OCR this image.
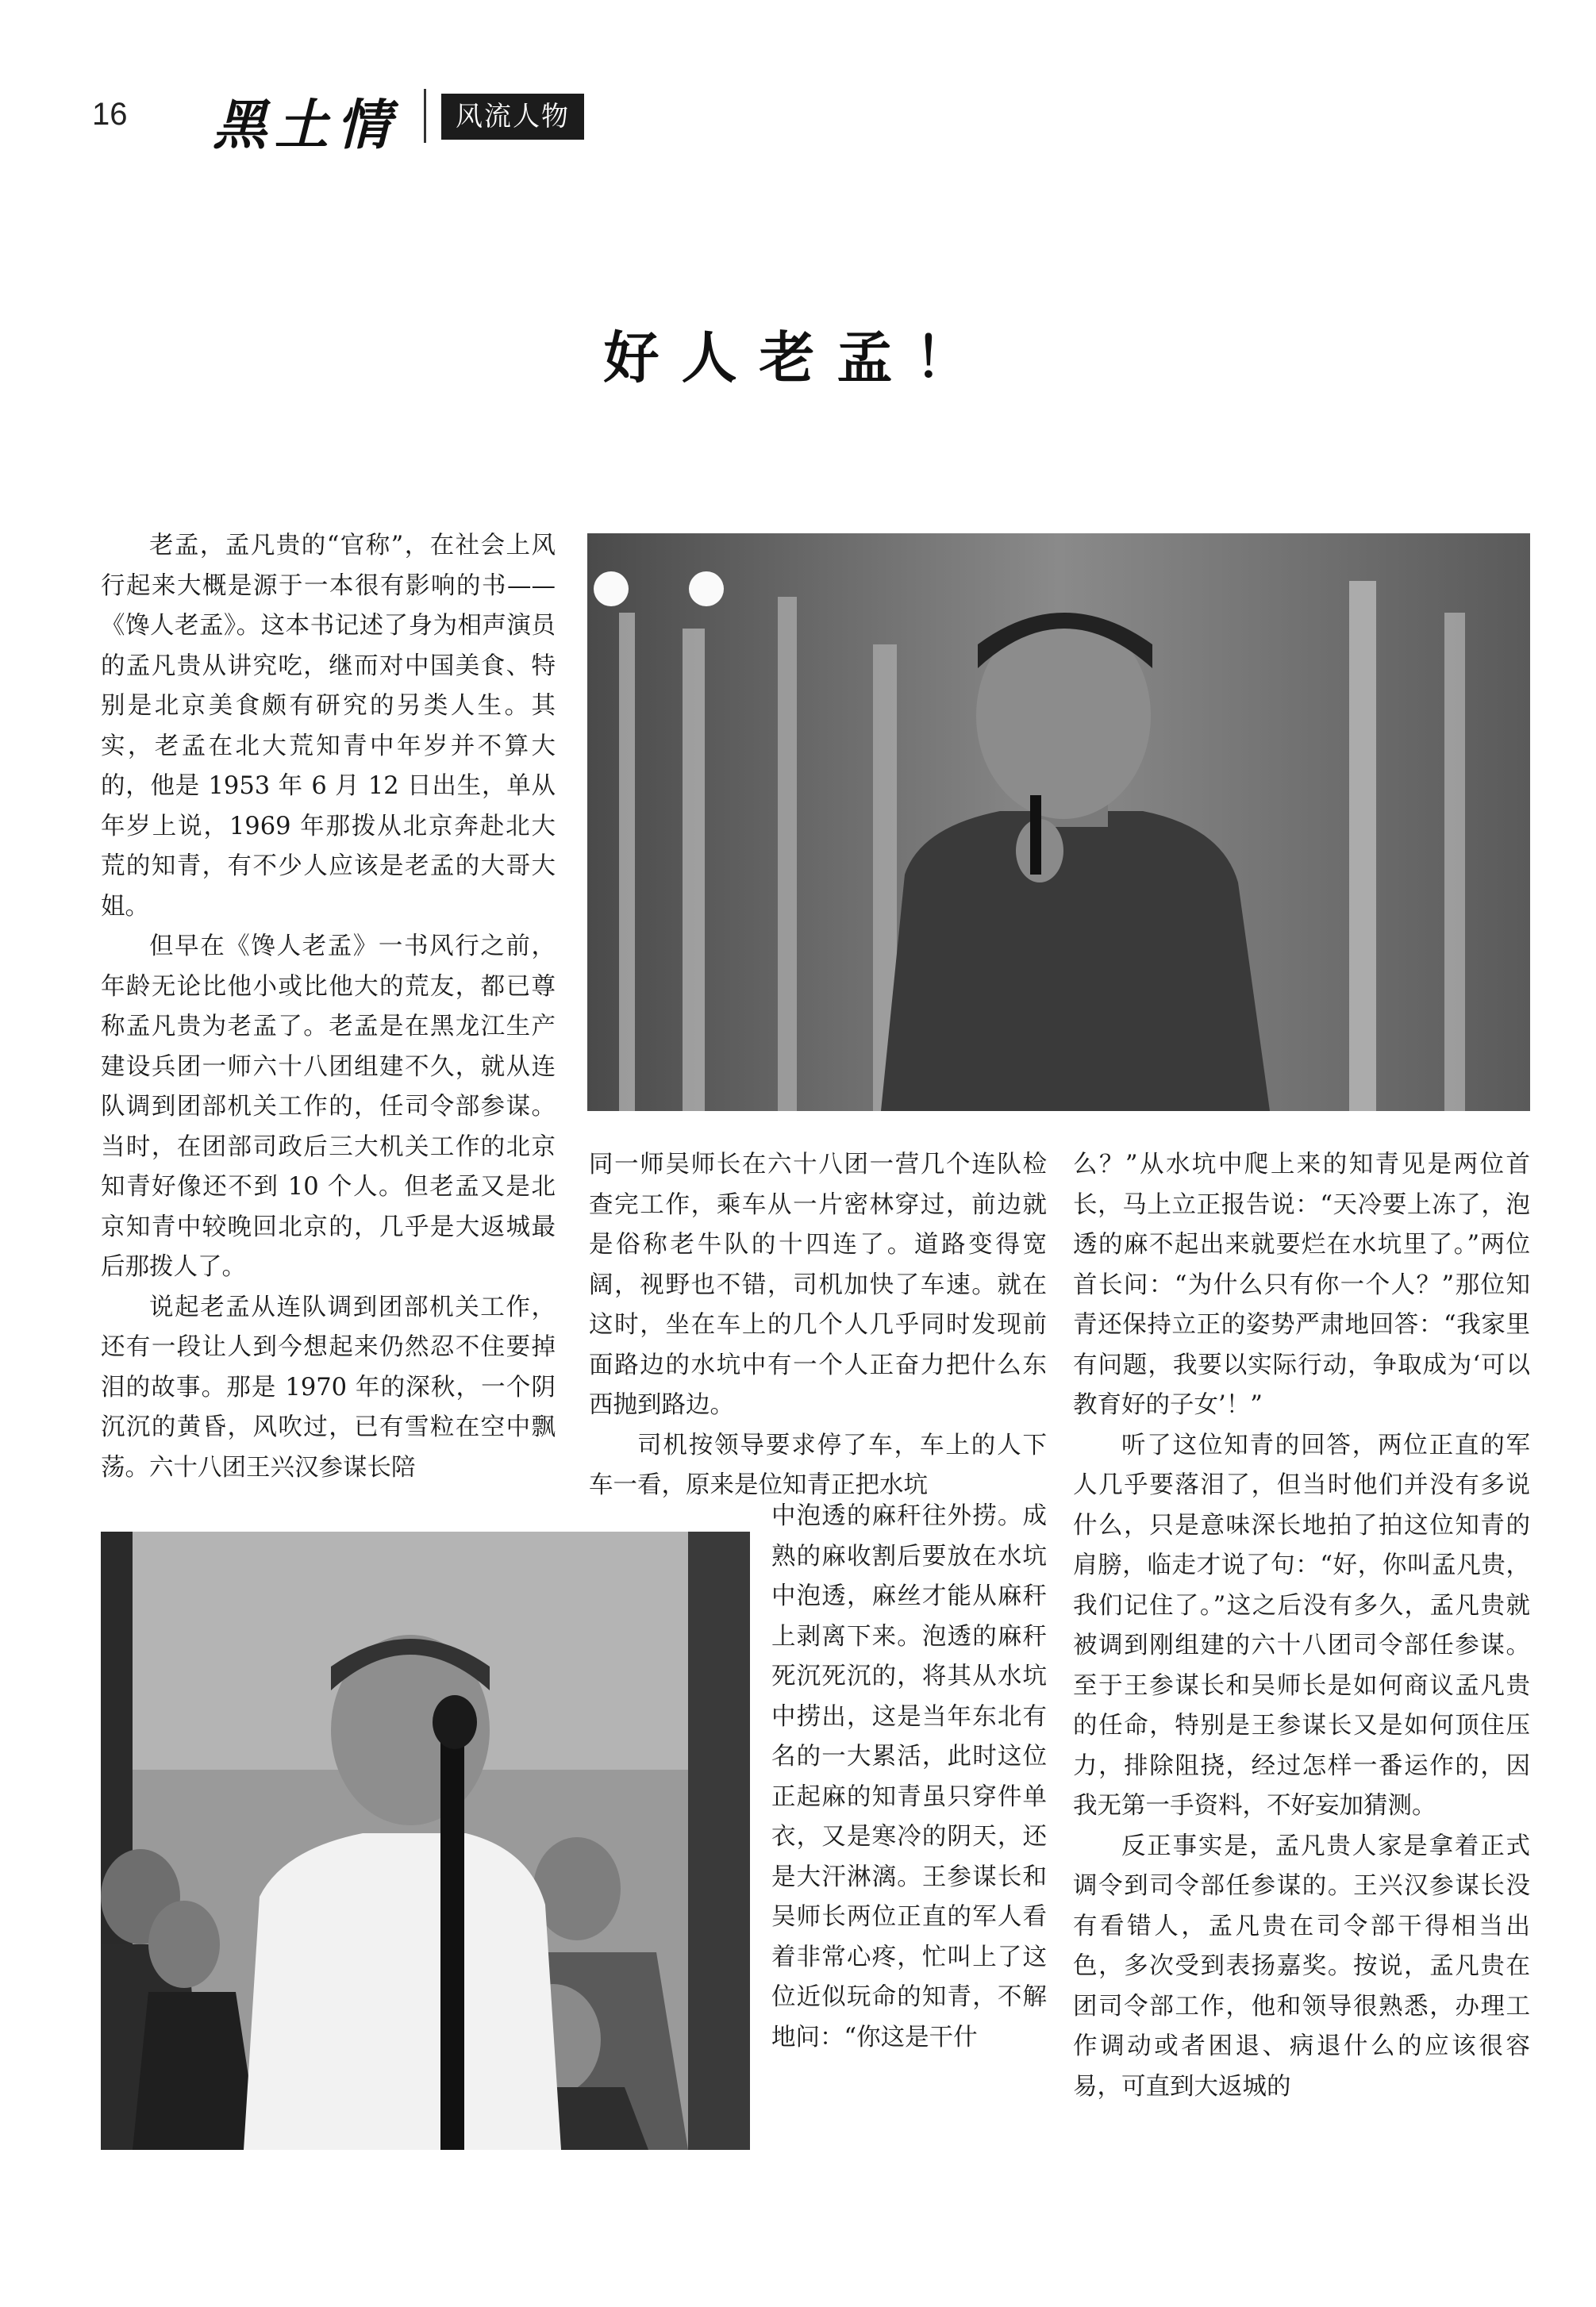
16 黑土情	风流人物
好人老孟！

老孟，孟凡贵的“官称”，在社会上风行起来大概是源于一本很有影响的书——《馋人老孟》。这本书记述了身为相声演员的孟凡贵从讲究吃，继而对中国美食、特别是北京美食颇有研究的另类人生。其实，老孟在北大荒知青中年岁并不算大的，他是 1953 年 6 月 12 日出生，单从年岁上说，1969 年那拨从北京奔赴北大荒的知青，有不少人应该是老孟的大哥大姐。

但早在《馋人老孟》一书风行之前，年龄无论比他小或比他大的荒友，都已尊称孟凡贵为老孟了。老孟是在黑龙江生产建设兵团一师六十八团组建不久，就从连队调到团部机关工作的，任司令部参谋。当时，在团部司政后三大机关工作的北京知青好像还不到 10 个人。但老孟又是北京知青中较晚回北京的，几乎是大返城最后那拨人了。

说起老孟从连队调到团部机关工作，还有一段让人到今想起来仍然忍不住要掉泪的故事。那是 1970 年的深秋，一个阴沉沉的黄昏，风吹过，已有雪粒在空中飘荡。六十八团王兴汉参谋长陪

同一师吴师长在六十八团一营几个连队检查完工作，乘车从一片密林穿过，前边就是俗称老牛队的十四连了。道路变得宽阔，视野也不错，司机加快了车速。就在这时，坐在车上的几个人几乎同时发现前面路边的水坑中有一个人正奋力把什么东西抛到路边。

司机按领导要求停了车，车上的人下车一看，原来是位知青正把水坑

中泡透的麻秆往外捞。成熟的麻收割后要放在水坑中泡透，麻丝才能从麻秆上剥离下来。泡透的麻秆死沉死沉的，将其从水坑中捞出，这是当年东北有名的一大累活，此时这位正起麻的知青虽只穿件单衣，又是寒冷的阴天，还是大汗淋漓。王参谋长和吴师长两位正直的军人看着非常心疼，忙叫上了这位近似玩命的知青，不解地问：“你这是干什

么？”从水坑中爬上来的知青见是两位首长，马上立正报告说：“天冷要上冻了，泡透的麻不起出来就要烂在水坑里了。”两位首长问：“为什么只有你一个人？”那位知青还保持立正的姿势严肃地回答：“我家里有问题，我要以实际行动，争取成为‘可以教育好的子女’！”

听了这位知青的回答，两位正直的军人几乎要落泪了，但当时他们并没有多说什么，只是意味深长地拍了拍这位知青的肩膀，临走才说了句：“好，你叫孟凡贵，我们记住了。”这之后没有多久，孟凡贵就被调到刚组建的六十八团司令部任参谋。至于王参谋长和吴师长是如何商议孟凡贵的任命，特别是王参谋长又是如何顶住压力，排除阻挠，经过怎样一番运作的，因我无第一手资料，不好妄加猜测。

反正事实是，孟凡贵人家是拿着正式调令到司令部任参谋的。王兴汉参谋长没有看错人，孟凡贵在司令部干得相当出色，多次受到表扬嘉奖。按说，孟凡贵在团司令部工作，他和领导很熟悉，办理工作调动或者困退、病退什么的应该很容易，可直到大返城的
